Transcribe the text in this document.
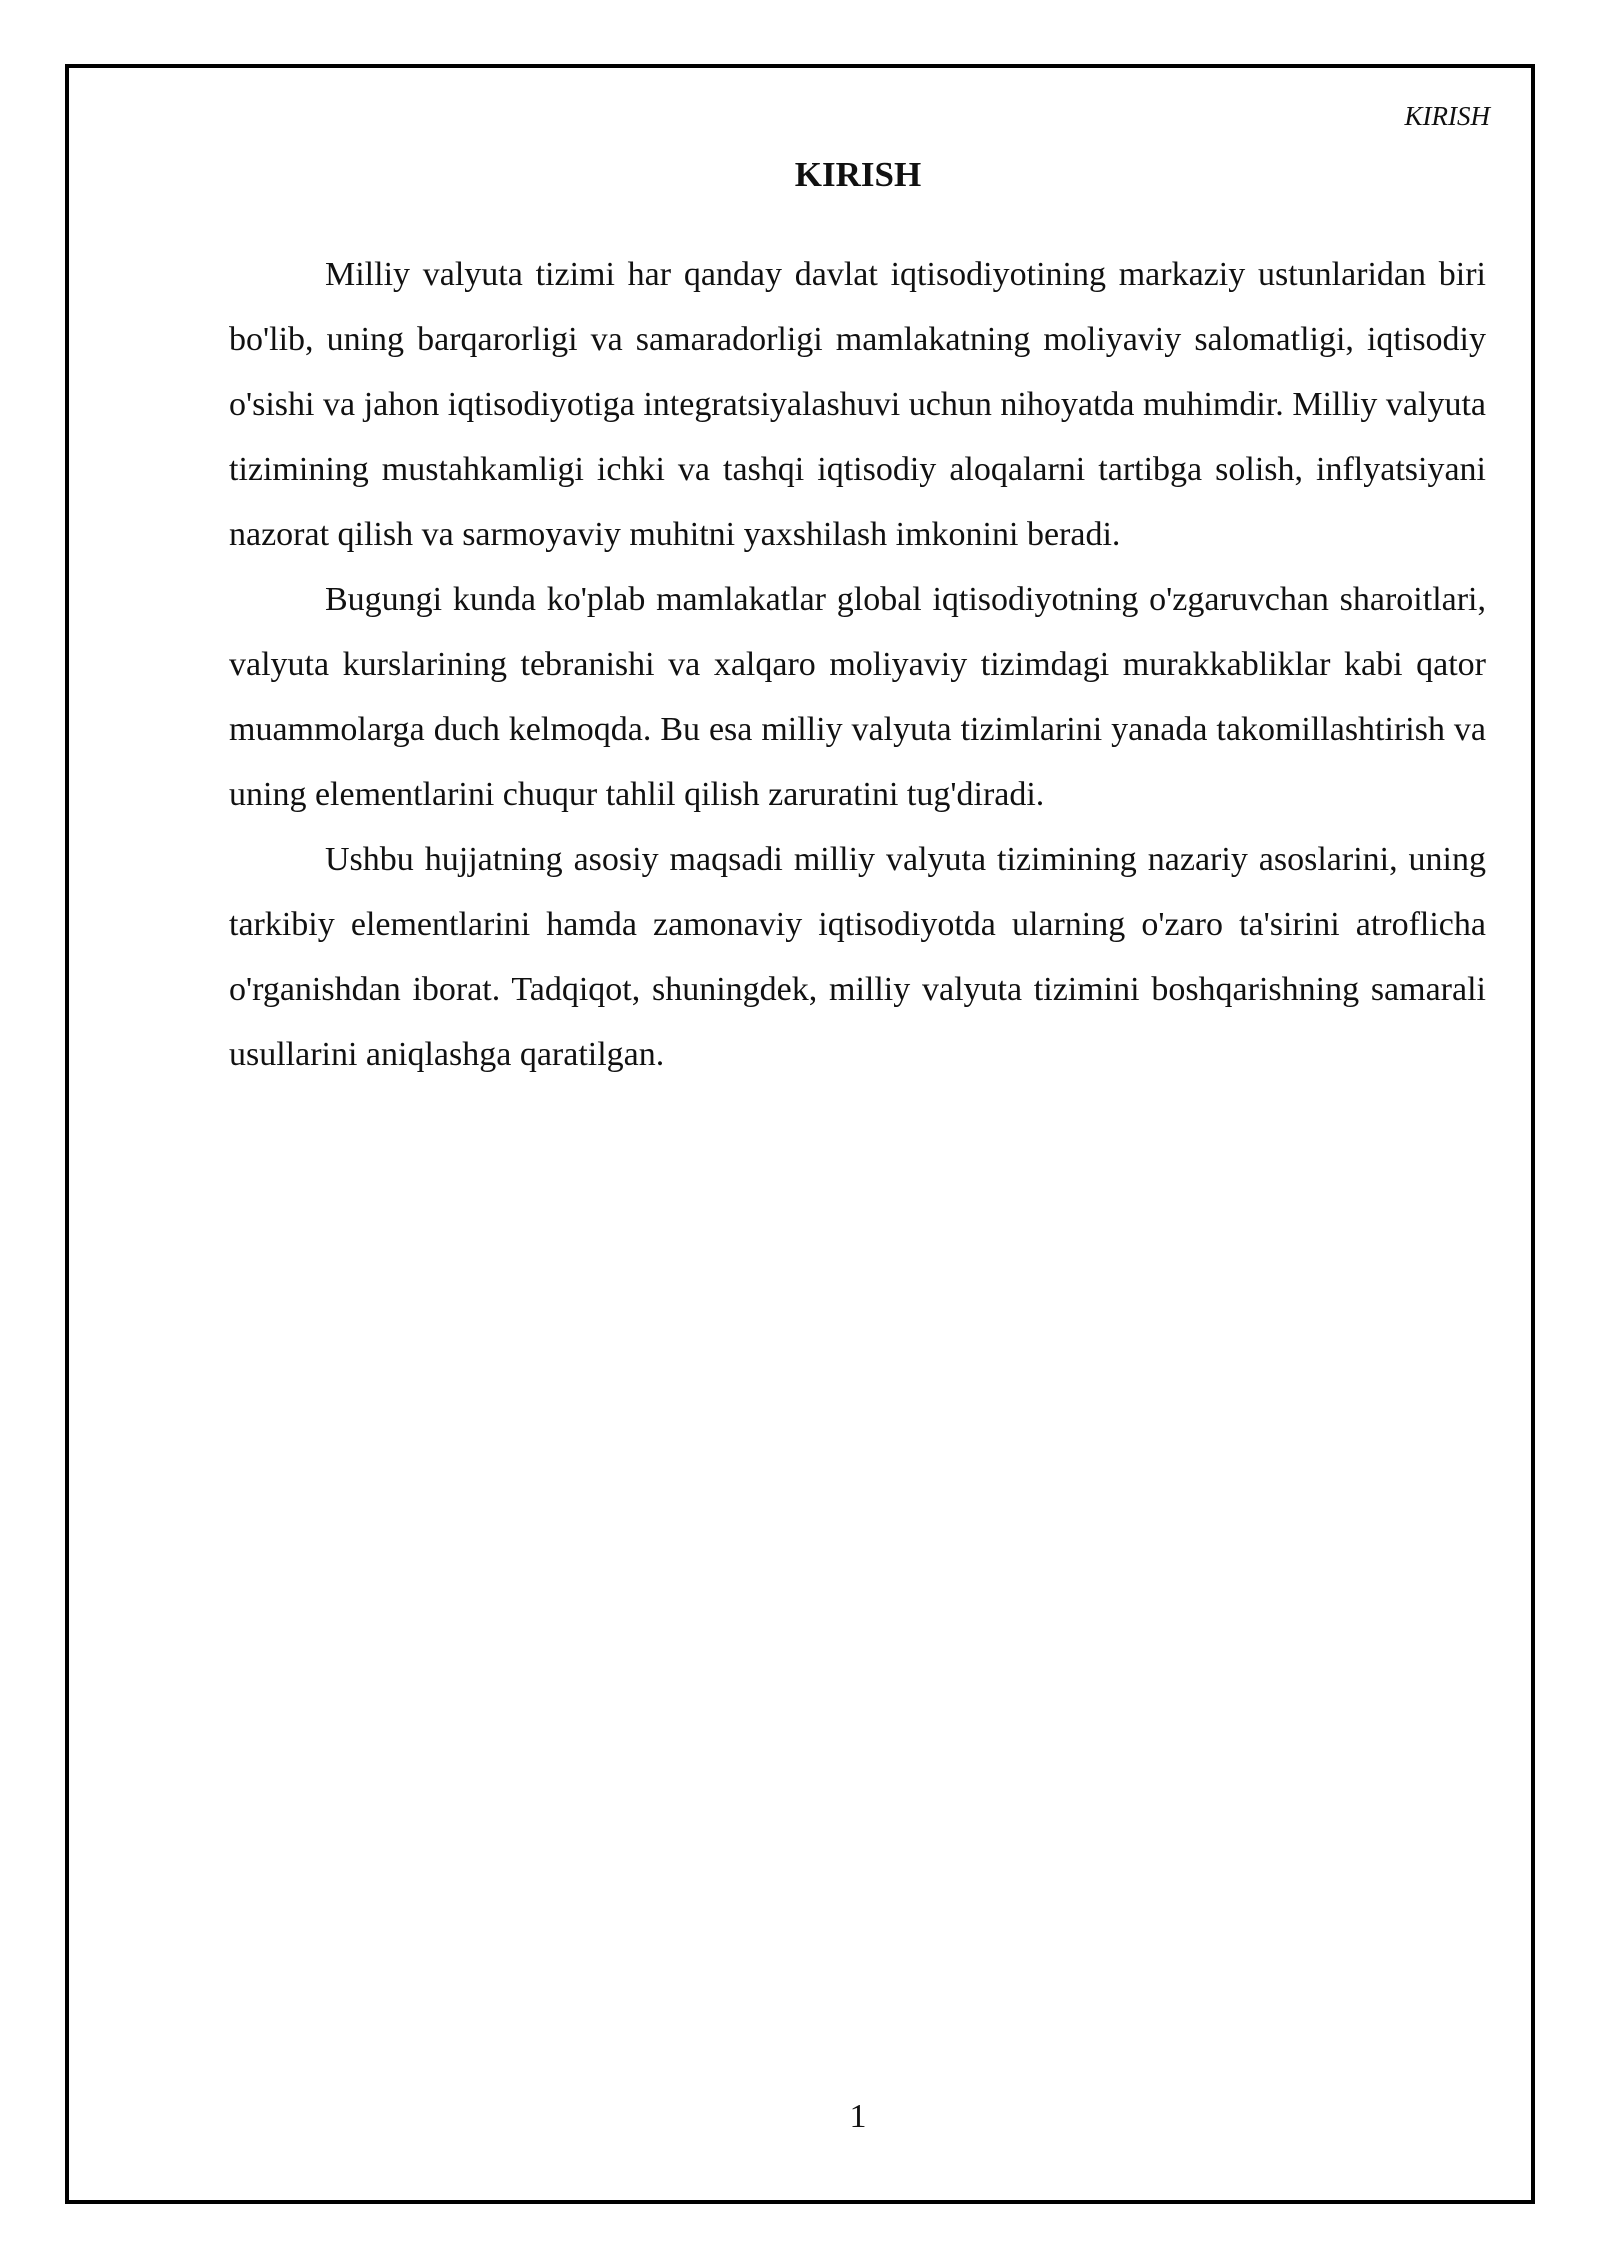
KIRISH

KIRISH

Milliy valyuta tizimi har qanday davlat iqtisodiyotining markaziy ustunlaridan biri bo'lib, uning barqarorligi va samaradorligi mamlakatning moliyaviy salomatligi, iqtisodiy o'sishi va jahon iqtisodiyotiga integratsiyalashuvi uchun nihoyatda muhimdir. Milliy valyuta tizimining mustahkamligi ichki va tashqi iqtisodiy aloqalarni tartibga solish, inflyatsiyani nazorat qilish va sarmoyaviy muhitni yaxshilash imkonini beradi.

Bugungi kunda ko'plab mamlakatlar global iqtisodiyotning o'zgaruvchan sharoitlari, valyuta kurslarining tebranishi va xalqaro moliyaviy tizimdagi murakkabliklar kabi qator muammolarga duch kelmoqda. Bu esa milliy valyuta tizimlarini yanada takomillashtirish va uning elementlarini chuqur tahlil qilish zaruratini tug'diradi.

Ushbu hujjatning asosiy maqsadi milliy valyuta tizimining nazariy asoslarini, uning tarkibiy elementlarini hamda zamonaviy iqtisodiyotda ularning o'zaro ta'sirini atroflicha o'rganishdan iborat. Tadqiqot, shuningdek, milliy valyuta tizimini boshqarishning samarali usullarini aniqlashga qaratilgan.

1
